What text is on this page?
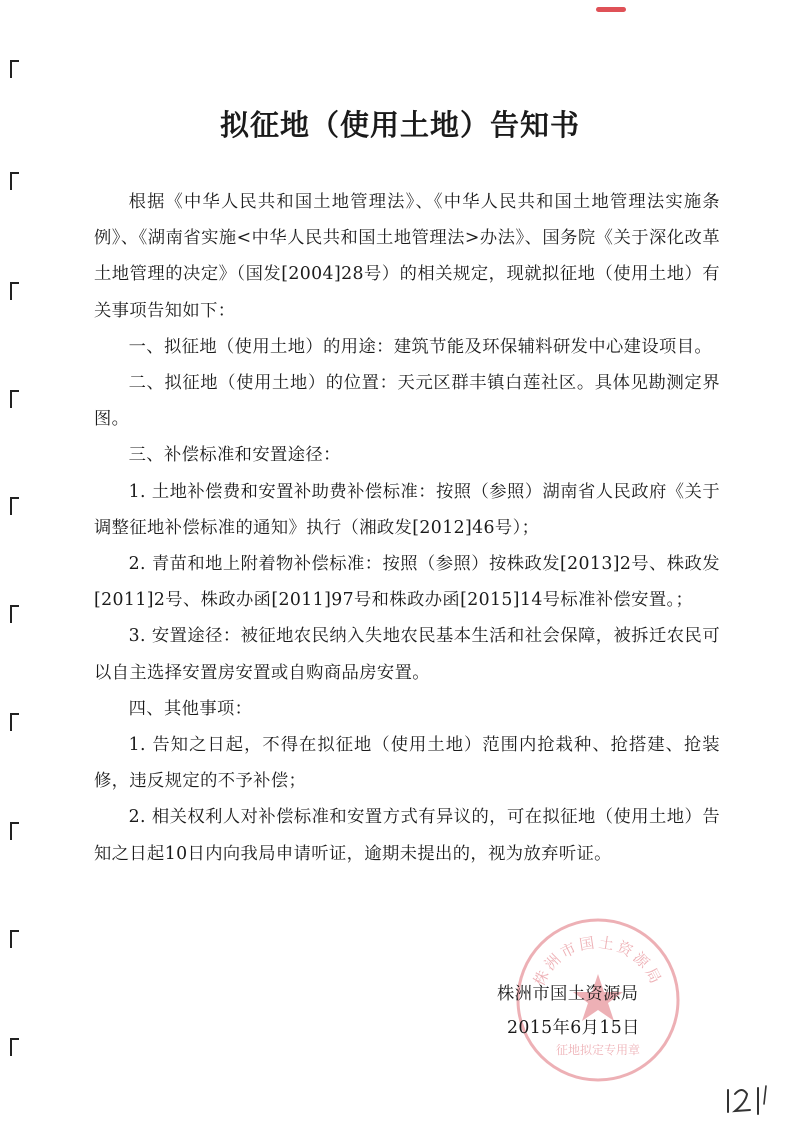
拟征地（使用土地）告知书

根据《中华人民共和国土地管理法》、《中华人民共和国土地管理法实施条例》、《湖南省实施<中华人民共和国土地管理法>办法》、国务院《关于深化改革土地管理的决定》（国发[2004]28号）的相关规定，现就拟征地（使用土地）有关事项告知如下：

一、拟征地（使用土地）的用途：建筑节能及环保辅料研发中心建设项目。

二、拟征地（使用土地）的位置：天元区群丰镇白莲社区。具体见勘测定界图。

三、补偿标准和安置途径：

1. 土地补偿费和安置补助费补偿标准：按照（参照）湖南省人民政府《关于调整征地补偿标准的通知》执行（湘政发[2012]46号）；

2. 青苗和地上附着物补偿标准：按照（参照）按株政发[2013]2号、株政发[2011]2号、株政办函[2011]97号和株政办函[2015]14号标准补偿安置。；

3. 安置途径：被征地农民纳入失地农民基本生活和社会保障，被拆迁农民可以自主选择安置房安置或自购商品房安置。

四、其他事项：

1. 告知之日起，不得在拟征地（使用土地）范围内抢栽种、抢搭建、抢装修，违反规定的不予补偿；

2. 相关权利人对补偿标准和安置方式有异议的，可在拟征地（使用土地）告知之日起10日内向我局申请听证，逾期未提出的，视为放弃听证。

株洲市国土资源局
征地拟定专用章
株洲市国土资源局
2015年6月15日
